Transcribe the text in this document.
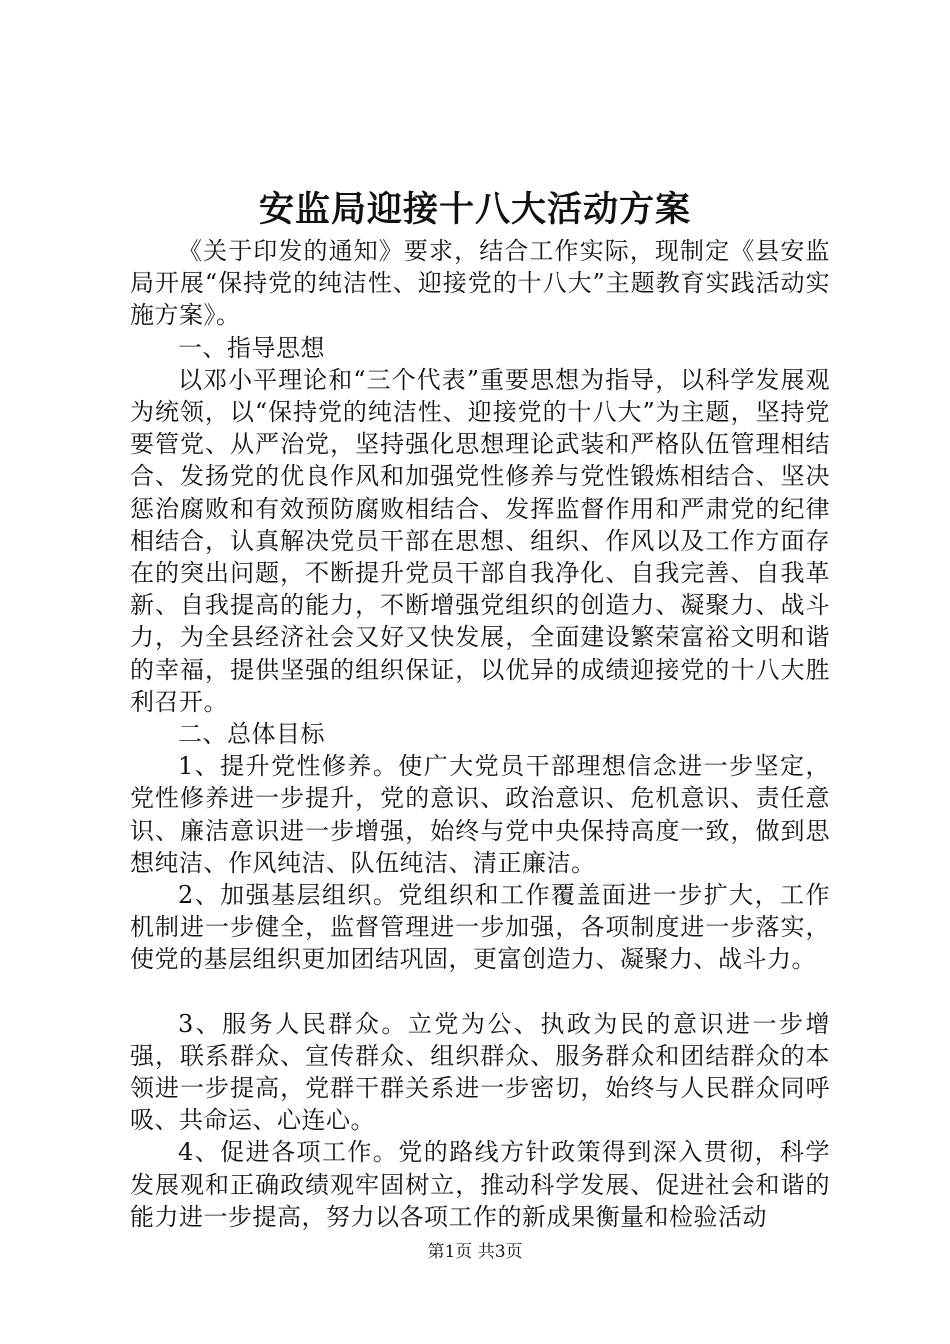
安监局迎接十八大活动方案

《关于印发的通知》要求，结合工作实际，现制定《县安监局开展“保持党的纯洁性、迎接党的十八大”主题教育实践活动实施方案》。

一、指导思想

以邓小平理论和“三个代表”重要思想为指导，以科学发展观为统领，以“保持党的纯洁性、迎接党的十八大”为主题，坚持党要管党、从严治党，坚持强化思想理论武装和严格队伍管理相结合、发扬党的优良作风和加强党性修养与党性锻炼相结合、坚决惩治腐败和有效预防腐败相结合、发挥监督作用和严肃党的纪律相结合，认真解决党员干部在思想、组织、作风以及工作方面存在的突出问题，不断提升党员干部自我净化、自我完善、自我革新、自我提高的能力，不断增强党组织的创造力、凝聚力、战斗力，为全县经济社会又好又快发展，全面建设繁荣富裕文明和谐的幸福，提供坚强的组织保证，以优异的成绩迎接党的十八大胜利召开。

二、总体目标

1、提升党性修养。使广大党员干部理想信念进一步坚定，党性修养进一步提升，党的意识、政治意识、危机意识、责任意识、廉洁意识进一步增强，始终与党中央保持高度一致，做到思想纯洁、作风纯洁、队伍纯洁、清正廉洁。

2、加强基层组织。党组织和工作覆盖面进一步扩大，工作机制进一步健全，监督管理进一步加强，各项制度进一步落实，使党的基层组织更加团结巩固，更富创造力、凝聚力、战斗力。

3、服务人民群众。立党为公、执政为民的意识进一步增强，联系群众、宣传群众、组织群众、服务群众和团结群众的本领进一步提高，党群干群关系进一步密切，始终与人民群众同呼吸、共命运、心连心。

4、促进各项工作。党的路线方针政策得到深入贯彻，科学发展观和正确政绩观牢固树立，推动科学发展、促进社会和谐的能力进一步提高，努力以各项工作的新成果衡量和检验活动

第1页 共3页
